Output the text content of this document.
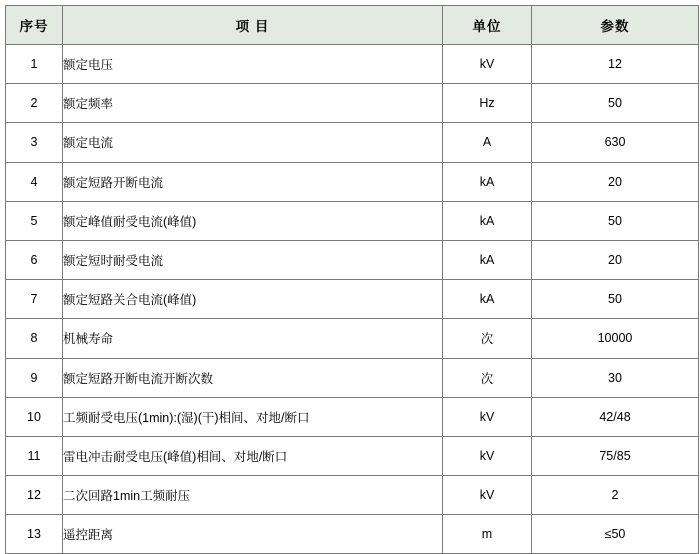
序号	项 目	单位	参数
1	额定电压	kV	12
2	额定频率	Hz	50
3	额定电流	A	630
4	额定短路开断电流	kA	20
5	额定峰值耐受电流(峰值)	kA	50
6	额定短时耐受电流	kA	20
7	额定短路关合电流(峰值)	kA	50
8	机械寿命	次	10000
9	额定短路开断电流开断次数	次	30
10	工频耐受电压(1min):(湿)(干)相间、对地/断口	kV	42/48
11	雷电冲击耐受电压(峰值)相间、对地/断口	kV	75/85
12	二次回路1min工频耐压	kV	2
13	遥控距离	m	≤50
